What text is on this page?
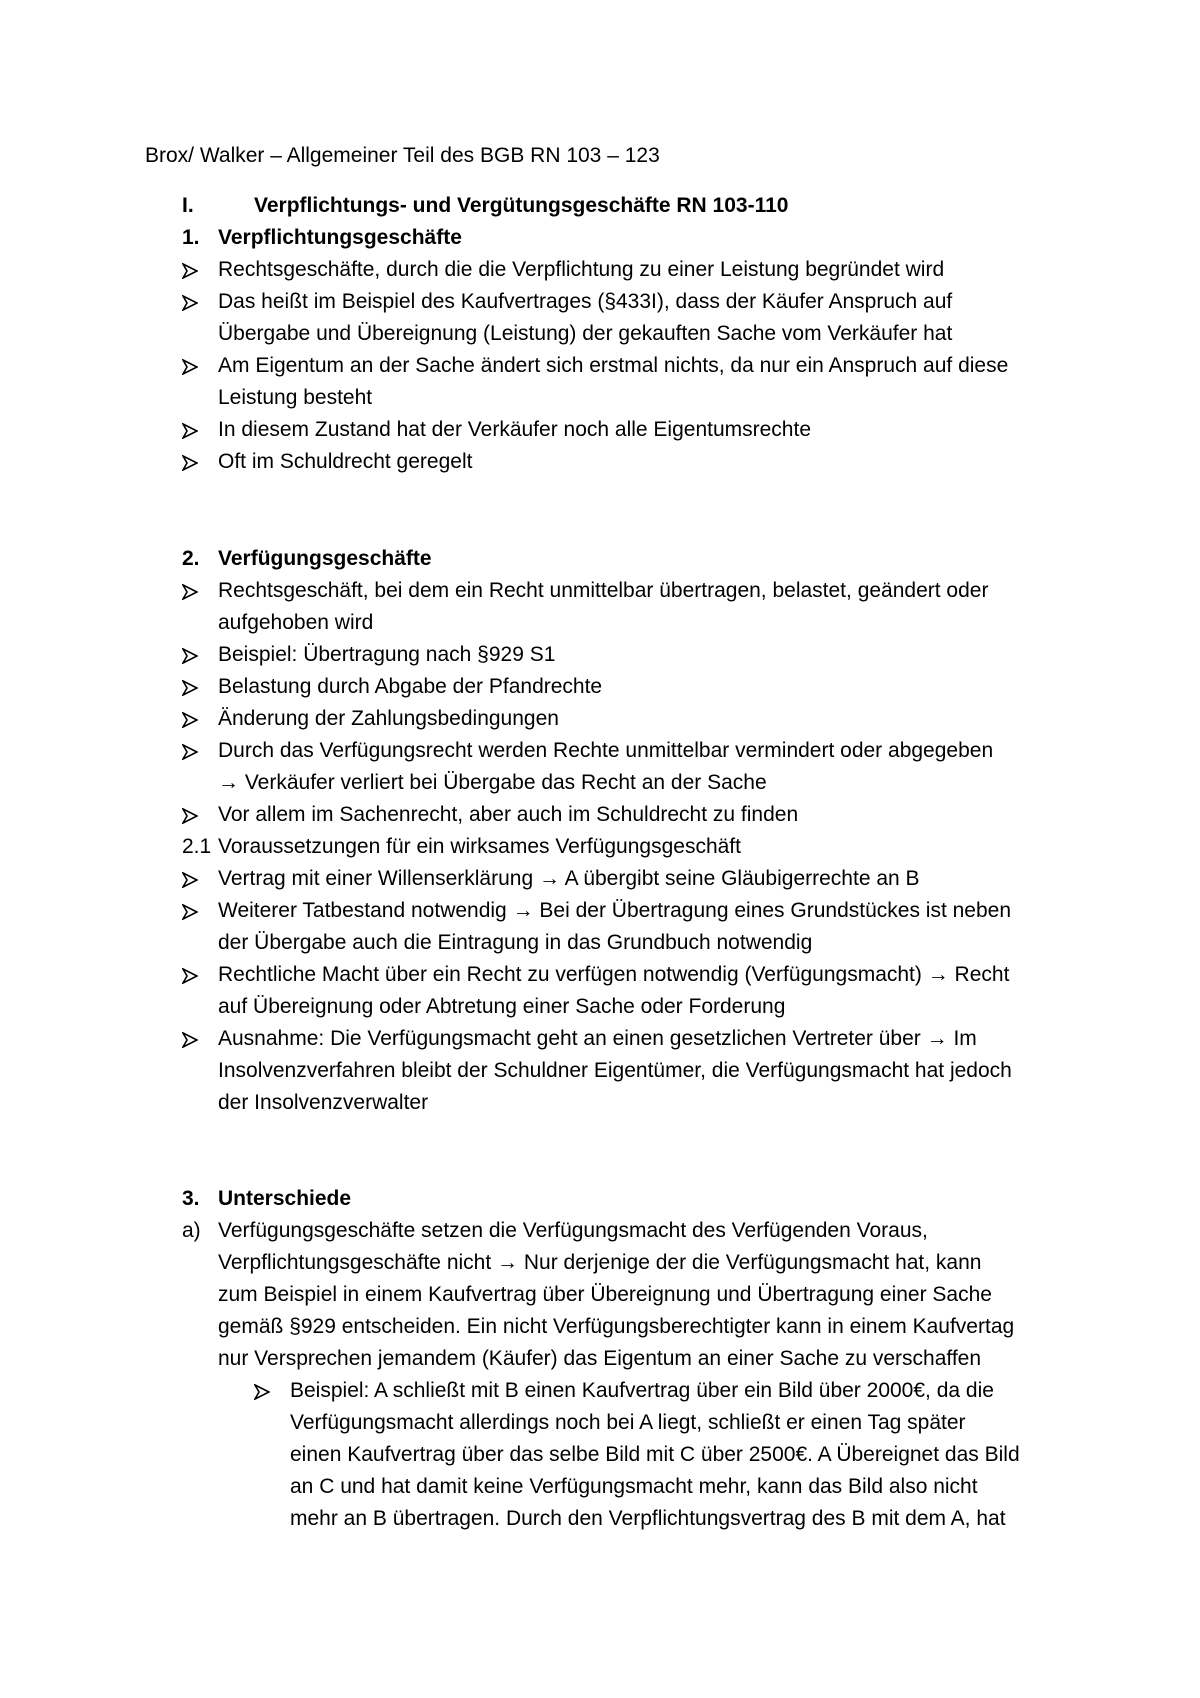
Brox/ Walker – Allgemeiner Teil des BGB RN 103 – 123
I.	Verpflichtungs- und Vergütungsgeschäfte RN 103-110
1. Verpflichtungsgeschäfte
Rechtsgeschäfte, durch die die Verpflichtung zu einer Leistung begründet wird
Das heißt im Beispiel des Kaufvertrages (§433I), dass der Käufer Anspruch auf
Übergabe und Übereignung (Leistung) der gekauften Sache vom Verkäufer hat
Am Eigentum an der Sache ändert sich erstmal nichts, da nur ein Anspruch auf diese
Leistung besteht
In diesem Zustand hat der Verkäufer noch alle Eigentumsrechte
Oft im Schuldrecht geregelt
2. Verfügungsgeschäfte
Rechtsgeschäft, bei dem ein Recht unmittelbar übertragen, belastet, geändert oder
aufgehoben wird
Beispiel: Übertragung nach §929 S1
Belastung durch Abgabe der Pfandrechte
Änderung der Zahlungsbedingungen
Durch das Verfügungsrecht werden Rechte unmittelbar vermindert oder abgegeben
→ Verkäufer verliert bei Übergabe das Recht an der Sache
Vor allem im Sachenrecht, aber auch im Schuldrecht zu finden
2.1 Voraussetzungen für ein wirksames Verfügungsgeschäft
Vertrag mit einer Willenserklärung → A übergibt seine Gläubigerrechte an B
Weiterer Tatbestand notwendig → Bei der Übertragung eines Grundstückes ist neben
der Übergabe auch die Eintragung in das Grundbuch notwendig
Rechtliche Macht über ein Recht zu verfügen notwendig (Verfügungsmacht) → Recht
auf Übereignung oder Abtretung einer Sache oder Forderung
Ausnahme: Die Verfügungsmacht geht an einen gesetzlichen Vertreter über → Im
Insolvenzverfahren bleibt der Schuldner Eigentümer, die Verfügungsmacht hat jedoch
der Insolvenzverwalter
3. Unterschiede
a) Verfügungsgeschäfte setzen die Verfügungsmacht des Verfügenden Voraus,
Verpflichtungsgeschäfte nicht → Nur derjenige der die Verfügungsmacht hat, kann
zum Beispiel in einem Kaufvertrag über Übereignung und Übertragung einer Sache
gemäß §929 entscheiden. Ein nicht Verfügungsberechtigter kann in einem Kaufvertag
nur Versprechen jemandem (Käufer) das Eigentum an einer Sache zu verschaffen
Beispiel: A schließt mit B einen Kaufvertrag über ein Bild über 2000€, da die
Verfügungsmacht allerdings noch bei A liegt, schließt er einen Tag später
einen Kaufvertrag über das selbe Bild mit C über 2500€. A Übereignet das Bild
an C und hat damit keine Verfügungsmacht mehr, kann das Bild also nicht
mehr an B übertragen. Durch den Verpflichtungsvertrag des B mit dem A, hat
